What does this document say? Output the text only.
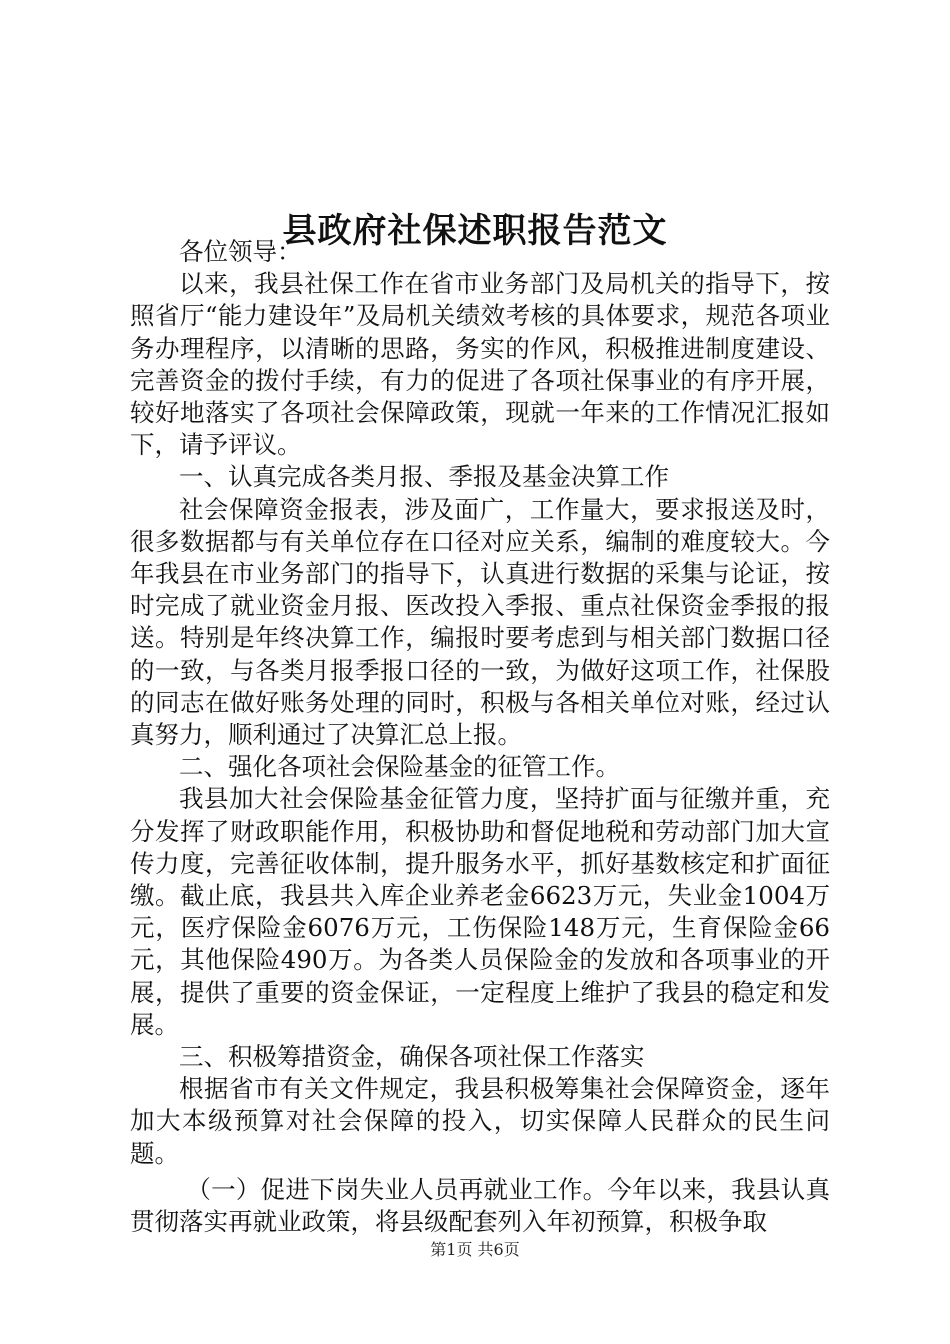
县政府社保述职报告范文

各位领导：

以来，我县社保工作在省市业务部门及局机关的指导下，按照省厅“能力建设年”及局机关绩效考核的具体要求，规范各项业务办理程序，以清晰的思路，务实的作风，积极推进制度建设、完善资金的拨付手续，有力的促进了各项社保事业的有序开展，较好地落实了各项社会保障政策，现就一年来的工作情况汇报如下，请予评议。

一、认真完成各类月报、季报及基金决算工作

社会保障资金报表，涉及面广，工作量大，要求报送及时，很多数据都与有关单位存在口径对应关系，编制的难度较大。今年我县在市业务部门的指导下，认真进行数据的采集与论证，按时完成了就业资金月报、医改投入季报、重点社保资金季报的报送。特别是年终决算工作，编报时要考虑到与相关部门数据口径的一致，与各类月报季报口径的一致，为做好这项工作，社保股的同志在做好账务处理的同时，积极与各相关单位对账，经过认真努力，顺利通过了决算汇总上报。

二、强化各项社会保险基金的征管工作。

我县加大社会保险基金征管力度，坚持扩面与征缴并重，充分发挥了财政职能作用，积极协助和督促地税和劳动部门加大宣传力度，完善征收体制，提升服务水平，抓好基数核定和扩面征缴。截止底，我县共入库企业养老金6623万元，失业金1004万元，医疗保险金6076万元，工伤保险148万元，生育保险金66元，其他保险490万。为各类人员保险金的发放和各项事业的开展，提供了重要的资金保证，一定程度上维护了我县的稳定和发展。

三、积极筹措资金，确保各项社保工作落实

根据省市有关文件规定，我县积极筹集社会保障资金，逐年加大本级预算对社会保障的投入，切实保障人民群众的民生问题。

（一）促进下岗失业人员再就业工作。今年以来，我县认真贯彻落实再就业政策，将县级配套列入年初预算，积极争取

第1页 共6页
